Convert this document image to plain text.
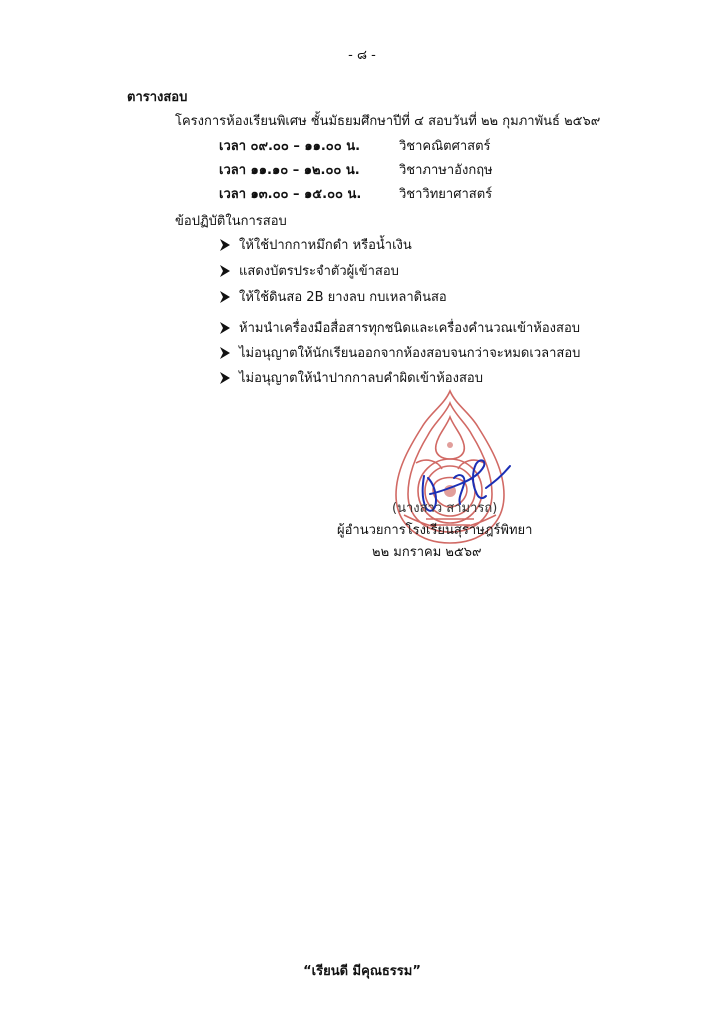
- ๘ -
ตารางสอบ
โครงการห้องเรียนพิเศษ ชั้นมัธยมศึกษาปีที่ ๔ สอบวันที่ ๒๒ กุมภาพันธ์ ๒๕๖๙
เวลา ๐๙.๐๐ – ๑๑.๐๐ น.	วิชาคณิตศาสตร์
เวลา ๑๑.๑๐ – ๑๒.๐๐ น.	วิชาภาษาอังกฤษ
เวลา ๑๓.๐๐ – ๑๕.๐๐ น.	วิชาวิทยาศาสตร์
ข้อปฏิบัติในการสอบ
ให้ใช้ปากกาหมึกดำ หรือน้ำเงิน
แสดงบัตรประจำตัวผู้เข้าสอบ
ให้ใช้ดินสอ 2B ยางลบ กบเหลาดินสอ
ห้ามนำเครื่องมือสื่อสารทุกชนิดและเครื่องคำนวณเข้าห้องสอบ
ไม่อนุญาตให้นักเรียนออกจากห้องสอบจนกว่าจะหมดเวลาสอบ
ไม่อนุญาตให้นำปากกาลบคำผิดเข้าห้องสอบ
(นางสาว สามารถ)
ผู้อำนวยการโรงเรียนสุราษฎร์พิทยา
๒๒ มกราคม ๒๕๖๙
“เรียนดี มีคุณธรรม”
